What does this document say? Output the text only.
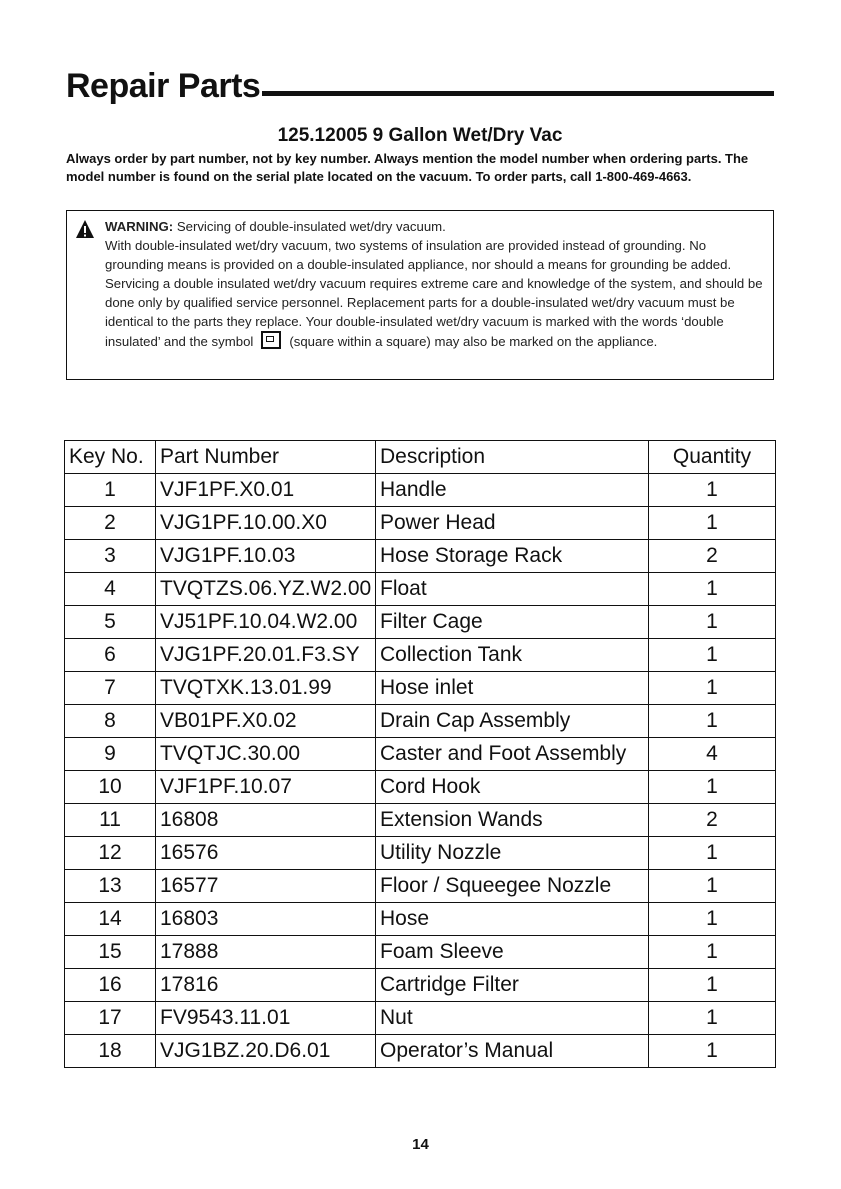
Repair Parts
125.12005 9 Gallon Wet/Dry Vac

Always order by part number, not by key number. Always mention the model number when ordering parts. The model number is found on the serial plate located on the vacuum. To order parts, call 1-800-469-4663.

WARNING: Servicing of double-insulated wet/dry vacuum.
With double-insulated wet/dry vacuum, two systems of insulation are provided instead of grounding. No grounding means is provided on a double-insulated appliance, nor should a means for grounding be added. Servicing a double insulated wet/dry vacuum requires extreme care and knowledge of the system, and should be done only by qualified service personnel. Replacement parts for a double-insulated wet/dry vacuum must be identical to the parts they replace. Your double-insulated wet/dry vacuum is marked with the words ‘double insulated’ and the symbol	(square within a square) may also be marked on the appliance.

Key No.	Part Number	Description	Quantity
1	VJF1PF.X0.01	Handle	1
2	VJG1PF.10.00.X0	Power Head	1
3	VJG1PF.10.03	Hose Storage Rack	2
4	TVQTZS.06.YZ.W2.00	Float	1
5	VJ51PF.10.04.W2.00	Filter Cage	1
6	VJG1PF.20.01.F3.SY	Collection Tank	1
7	TVQTXK.13.01.99	Hose inlet	1
8	VB01PF.X0.02	Drain Cap Assembly	1
9	TVQTJC.30.00	Caster and Foot Assembly	4
10	VJF1PF.10.07	Cord Hook	1
11	16808	Extension Wands	2
12	16576	Utility Nozzle	1
13	16577	Floor / Squeegee Nozzle	1
14	16803	Hose	1
15	17888	Foam Sleeve	1
16	17816	Cartridge Filter	1
17	FV9543.11.01	Nut	1
18	VJG1BZ.20.D6.01	Operator’s Manual	1
14
